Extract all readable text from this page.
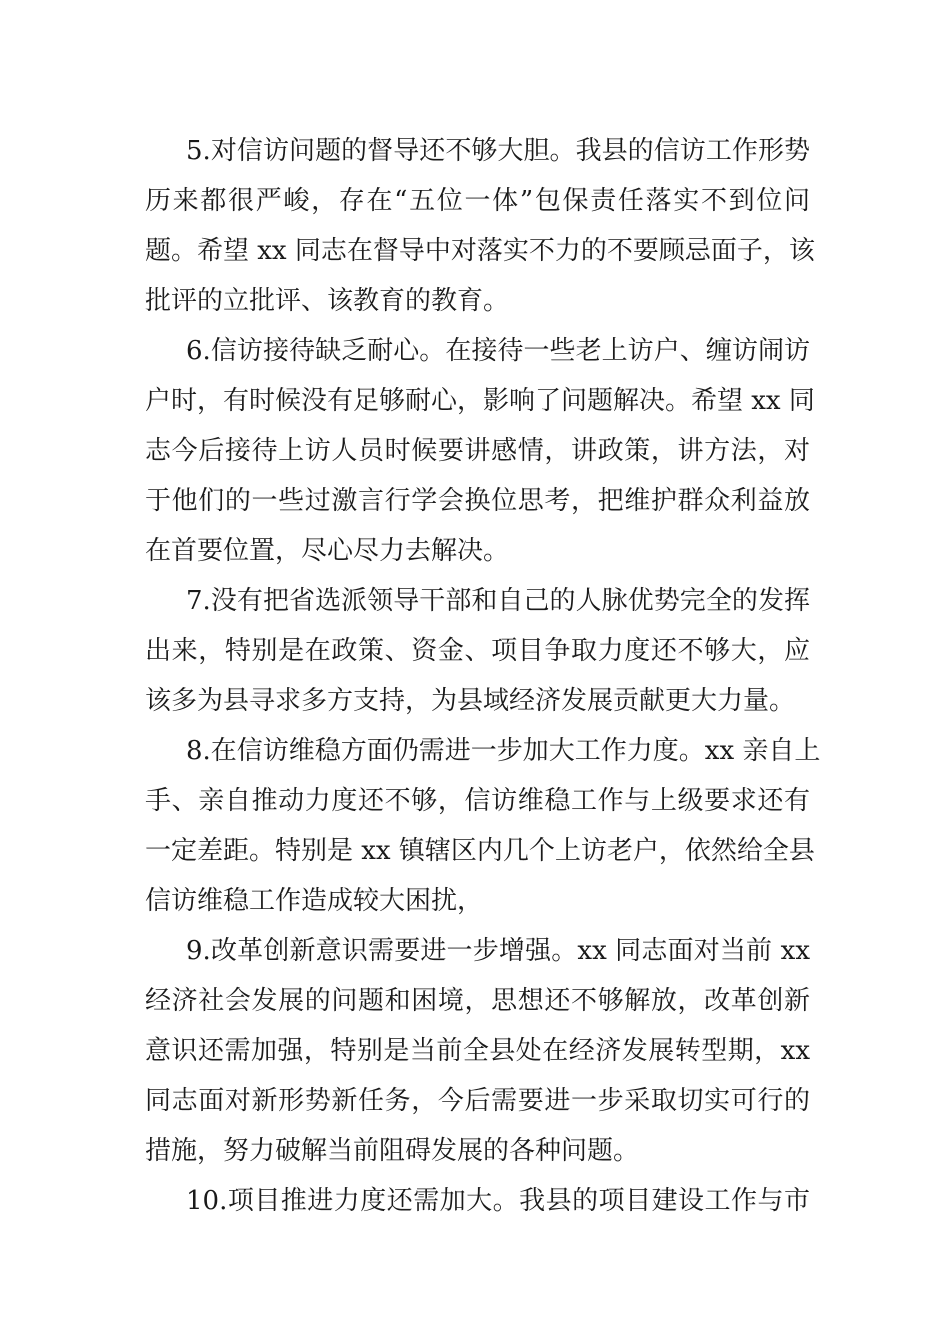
5.对信访问题的督导还不够大胆。我县的信访工作形势
历来都很严峻，存在“五位一体”包保责任落实不到位问
题。希望 xx 同志在督导中对落实不力的不要顾忌面子，该
批评的立批评、该教育的教育。
6.信访接待缺乏耐心。在接待一些老上访户、缠访闹访
户时，有时候没有足够耐心，影响了问题解决。希望 xx 同
志今后接待上访人员时候要讲感情，讲政策，讲方法，对
于他们的一些过激言行学会换位思考，把维护群众利益放
在首要位置，尽心尽力去解决。
7.没有把省选派领导干部和自己的人脉优势完全的发挥
出来，特别是在政策、资金、项目争取力度还不够大，应
该多为县寻求多方支持，为县域经济发展贡献更大力量。
8.在信访维稳方面仍需进一步加大工作力度。xx 亲自上
手、亲自推动力度还不够，信访维稳工作与上级要求还有
一定差距。特别是 xx 镇辖区内几个上访老户，依然给全县
信访维稳工作造成较大困扰，
9.改革创新意识需要进一步增强。xx 同志面对当前 xx
经济社会发展的问题和困境，思想还不够解放，改革创新
意识还需加强，特别是当前全县处在经济发展转型期，xx
同志面对新形势新任务，今后需要进一步采取切实可行的
措施，努力破解当前阻碍发展的各种问题。
10.项目推进力度还需加大。我县的项目建设工作与市
